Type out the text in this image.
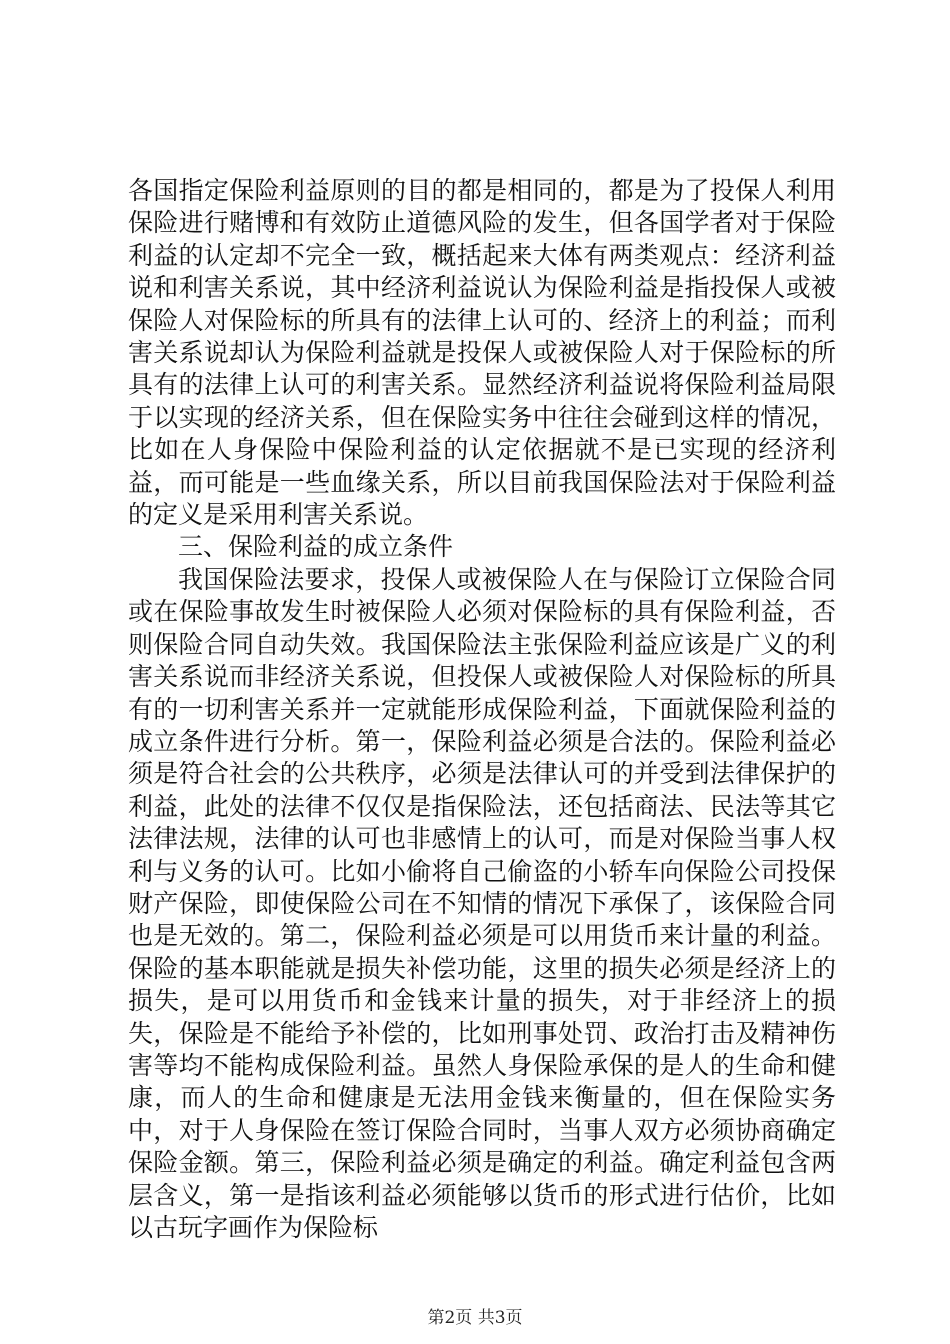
各国指定保险利益原则的目的都是相同的，都是为了投保人利用保险进行赌博和有效防止道德风险的发生，但各国学者对于保险利益的认定却不完全一致，概括起来大体有两类观点：经济利益说和利害关系说，其中经济利益说认为保险利益是指投保人或被保险人对保险标的所具有的法律上认可的、经济上的利益；而利害关系说却认为保险利益就是投保人或被保险人对于保险标的所具有的法律上认可的利害关系。显然经济利益说将保险利益局限于以实现的经济关系，但在保险实务中往往会碰到这样的情况，比如在人身保险中保险利益的认定依据就不是已实现的经济利益，而可能是一些血缘关系，所以目前我国保险法对于保险利益的定义是采用利害关系说。

三、保险利益的成立条件

我国保险法要求，投保人或被保险人在与保险订立保险合同或在保险事故发生时被保险人必须对保险标的具有保险利益，否则保险合同自动失效。我国保险法主张保险利益应该是广义的利害关系说而非经济关系说，但投保人或被保险人对保险标的所具有的一切利害关系并一定就能形成保险利益，下面就保险利益的成立条件进行分析。第一，保险利益必须是合法的。保险利益必须是符合社会的公共秩序，必须是法律认可的并受到法律保护的利益，此处的法律不仅仅是指保险法，还包括商法、民法等其它法律法规，法律的认可也非感情上的认可，而是对保险当事人权利与义务的认可。比如小偷将自己偷盗的小轿车向保险公司投保财产保险，即使保险公司在不知情的情况下承保了，该保险合同也是无效的。第二，保险利益必须是可以用货币来计量的利益。保险的基本职能就是损失补偿功能，这里的损失必须是经济上的损失，是可以用货币和金钱来计量的损失，对于非经济上的损失，保险是不能给予补偿的，比如刑事处罚、政治打击及精神伤害等均不能构成保险利益。虽然人身保险承保的是人的生命和健康，而人的生命和健康是无法用金钱来衡量的，但在保险实务中，对于人身保险在签订保险合同时，当事人双方必须协商确定保险金额。第三，保险利益必须是确定的利益。确定利益包含两层含义，第一是指该利益必须能够以货币的形式进行估价，比如以古玩字画作为保险标

第2页 共3页
